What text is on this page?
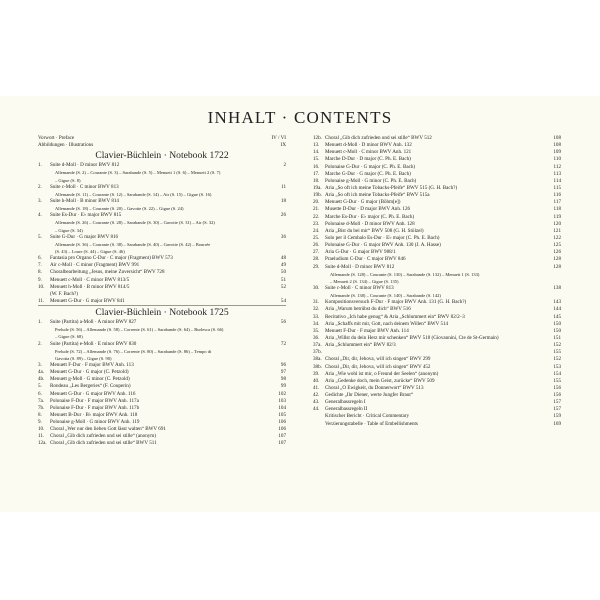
INHALT · CONTENTS
Vorwort · Preface	IV / VI
Abbildungen · Illustrations	IX
Clavier-Büchlein · Notebook 1722
1. Suite d-Moll · D minor BWV 812	2
Allemande (S. 2) – Courante (S. 3) – Sarabande (S. 5) – Menuett 1 (S. 6) – Menuett 2 (S. 7)
– Gigue (S. 8)
2. Suite c-Moll · C minor BWV 813	11
Allemande (S. 11) – Courante (S. 12) – Sarabande (S. 14) – Air (S. 15) – Gigue (S. 16)
3. Suite h-Moll · B minor BWV 814	18
Allemande (S. 18) – Courante (S. 20) – Gavotte (S. 22) – Gigue (S. 24)
4. Suite Es-Dur · E♭ major BWV 815	26
Allemande (S. 26) – Courante (S. 28) – Sarabande (S. 30) – Gavotte (S. 31) – Air (S. 32)
– Gigue (S. 34)
5. Suite G-Dur · G major BWV 816	36
Allemande (S. 36) – Courante (S. 38) – Sarabande (S. 40) – Gavotte (S. 42) – Bourrée
(S. 43) – Loure (S. 44) – Gigue (S. 46)
6. Fantasia pro Organo C-Dur · C major (Fragment) BWV 573	48
7. Air c-Moll · C minor (Fragment) BWV 991	49
8. Choralbearbeitung „Jesus, meine Zuversicht“ BWV 728	50
9. Menuett c-Moll · C minor BWV 813/5	51
10. Menuett h-Moll · B minor BWV 814/5	52
(W. F. Bach?)
11. Menuett G-Dur · G major BWV 841	54
Clavier-Büchlein · Notebook 1725
1. Suite (Partita) a-Moll · A minor BWV 827	56
Prelude (S. 56) – Allemande (S. 58) – Corrente (S. 61) – Sarabande (S. 64) – Burlesca (S. 66)
– Gigue (S. 68)
2. Suite (Partita) e-Moll · E minor BWV 830	72
Prelude (S. 72) – Allemande (S. 76) – Corrente (S. 80) – Sarabande (S. 86) – Tempo di
Gavotta (S. 89) – Gigue (S. 90)
3. Menuett F-Dur · F major BWV Anh. 113	96
4a. Menuett G-Dur · G major (C. Petzold)	97
4b. Menuett g-Moll · G minor (C. Petzold)	98
5. Rondeau „Les Bergeries“ (F. Couperin)	99
6. Menuett G-Dur · G major BWV Anh. 116	102
7a. Polonaise F-Dur · F major BWV Anh. 117a	103
7b. Polonaise F-Dur · F major BWV Anh. 117b	104
8. Menuett B-Dur · B♭ major BWV Anh. 118	105
9. Polonaise g-Moll · G minor BWV Anh. 119	106
10. Choral „Wer nur den lieben Gott lässt walten“ BWV 691	106
11. Choral „Gib dich zufrieden und sei stille“ (anonym)	107
12a. Choral „Gib dich zufrieden und sei stille“ BWV 511	107
12b. Choral „Gib dich zufrieden und sei stille“ BWV 512	108
13. Menuett d-Moll · D minor BWV Anh. 132	108
14. Menuett c-Moll · C minor BWV Anh. 121	109
15. Marche D-Dur · D major (C. Ph. E. Bach)	110
16. Polonaise G-Dur · G major (C. Ph. E. Bach)	112
17. Marche G-Dur · G major (C. Ph. E. Bach)	113
18. Polonaise g-Moll · G minor (C. Ph. E. Bach)	114
19a. Aria „So oft ich meine Tobacks-Pfeife“ BWV 515 (G. H. Bach?)	115
19b. Aria „So oft ich meine Tobacks-Pfeife“ BWV 515a	116
20. Menuett G-Dur · G major (Böhm[e])	117
21. Musette D-Dur · D major BWV Anh. 126	118
22. Marche Es-Dur · E♭ major (C. Ph. E. Bach)	119
23. Polonaise d-Moll · D minor BWV Anh. 128	120
24. Aria „Bist du bei mir“ BWV 508 (G. H. Stölzel)	121
25. Solo per il Cembalo Es-Dur · E♭ major (C. Ph. E. Bach)	122
26. Polonaise G-Dur · G major BWV Anh. 130 (J. A. Hasse)	125
27. Aria G-Dur · G major BWV 988/1	126
28. Praeludium C-Dur · C major BWV 846	128
29. Suite d-Moll · D minor BWV 812	128
Allemande (S. 128) – Courante (S. 130) – Sarabande (S. 132) – Menuett 1 (S. 133)
– Menuett 2 (S. 134) – Gigue (S. 135)
30. Suite c-Moll · C minor BWV 813	138
Allemande (S. 138) – Courante (S. 140) – Sarabande (S. 142)
31. Kompositionsversuch F-Dur · F major BWV Anh. 131 (G. H. Bach?)	143
32. Aria „Warum betrübst du dich“ BWV 516	144
33. Recitativo „Ich habe genug“ & Aria „Schlummert ein“ BWV 82/2–3	145
34. Aria „Schaffs mit mir, Gott, nach deinem Willen“ BWV 514	150
35. Menuett F-Dur · F major BWV Anh. 114	150
36. Aria „Willst du dein Herz mir schenken“ BWV 518 (Giovannini, Cte de St-Germain)	151
37a. Aria „Schlummert ein“ BWV 82/3	152
37b.	155
38a. Choral „Dir, dir, Jehova, will ich singen“ BWV 299	152
38b. Choral „Dir, dir, Jehova, will ich singen“ BWV 452	153
39. Aria „Wie wohl ist mir, o Freund der Seelen“ (anonym)	154
40. Aria „Gedenke doch, mein Geist, zurücke“ BWV 509	155
41. Choral „O Ewigkeit, du Donnerwort“ BWV 513	156
42. Gedichte „Ihr Diener, werte Jungfer Braut“	156
43. Generalbassregeln I	157
44. Generalbassregeln II	157
Kritischer Bericht · Critical Commentary	159
Verzierungstabelle · Table of Embellishments	169
